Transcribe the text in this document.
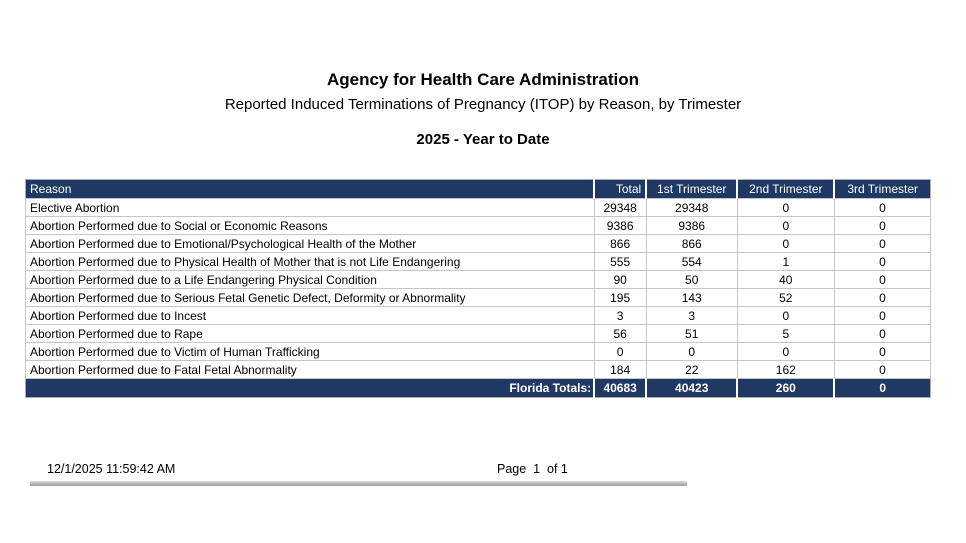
Agency for Health Care Administration
Reported Induced Terminations of Pregnancy (ITOP) by Reason, by Trimester
2025 - Year to Date
Reason	Total	1st Trimester	2nd Trimester	3rd Trimester
Elective Abortion	29348	29348	0	0
Abortion Performed due to Social or Economic Reasons	9386	9386	0	0
Abortion Performed due to Emotional/Psychological Health of the Mother	866	866	0	0
Abortion Performed due to Physical Health of Mother that is not Life Endangering	555	554	1	0
Abortion Performed due to a Life Endangering Physical Condition	90	50	40	0
Abortion Performed due to Serious Fetal Genetic Defect, Deformity or Abnormality	195	143	52	0
Abortion Performed due to Incest	3	3	0	0
Abortion Performed due to Rape	56	51	5	0
Abortion Performed due to Victim of Human Trafficking	0	0	0	0
Abortion Performed due to Fatal Fetal Abnormality	184	22	162	0
Florida Totals:	40683	40423	260	0
12/1/2025 11:59:42 AM	Page  1  of 1
